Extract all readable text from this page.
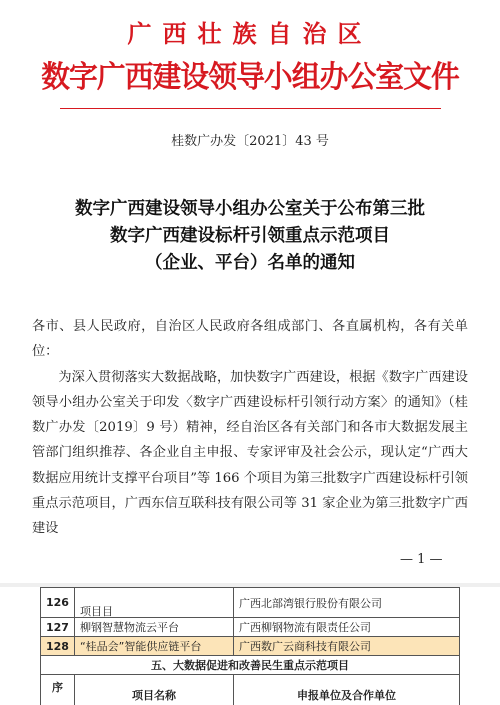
广西壮族自治区
数字广西建设领导小组办公室文件
桂数广办发〔2021〕43 号
数字广西建设领导小组办公室关于公布第三批
数字广西建设标杆引领重点示范项目
（企业、平台）名单的通知

各市、县人民政府，自治区人民政府各组成部门、各直属机构，各有关单位：

为深入贯彻落实大数据战略，加快数字广西建设，根据《数字广西建设领导小组办公室关于印发〈数字广西建设标杆引领行动方案〉的通知》（桂数广办发〔2019〕9 号）精神，经自治区各有关部门和各市大数据发展主管部门组织推荐、各企业自主申报、专家评审及社会公示，现认定“广西大数据应用统计支撑平台项目”等 166 个项目为第三批数字广西建设标杆引领重点示范项目，广西东信互联科技有限公司等 31 家企业为第三批数字广西建设

— 1 —
126	项目目	广西北部湾银行股份有限公司
127	柳钢智慧物流云平台	广西柳钢物流有限责任公司
128	“桂品会”智能供应链平台	广西数广云商科技有限公司
五、大数据促进和改善民生重点示范项目		
序	项目名称	申报单位及合作单位
